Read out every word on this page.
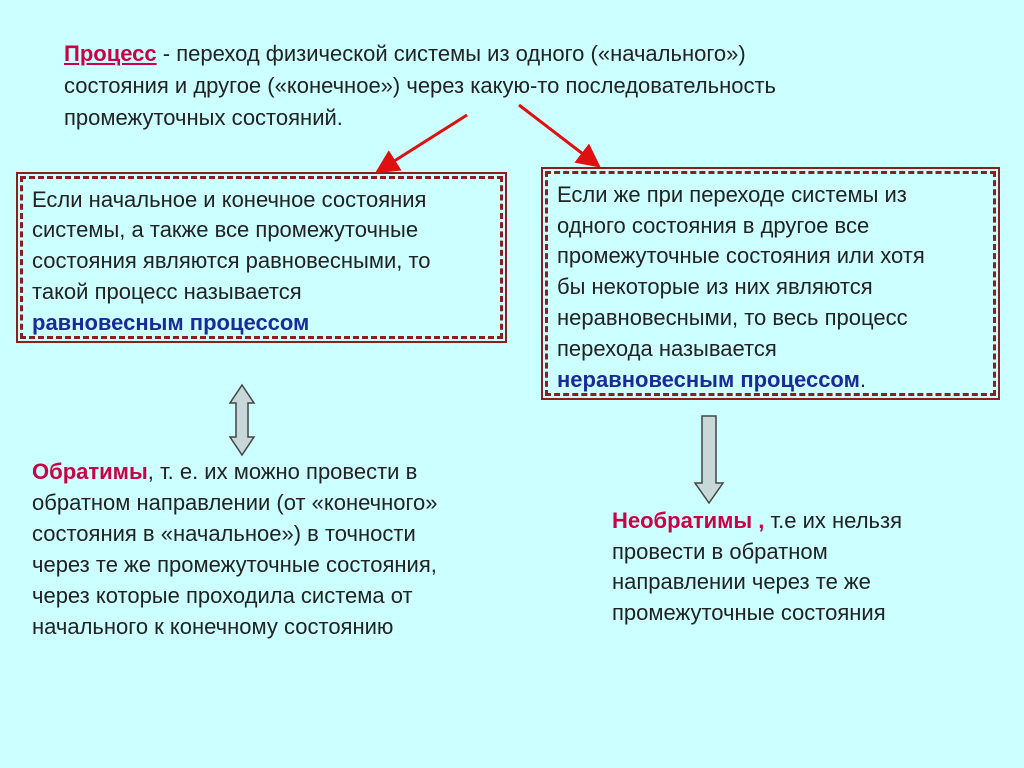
Процесс - переход физической системы из одного («начального»)
состояния и другое («конечное») через какую-то последовательность
промежуточных состояний.
Если начальное и конечное состояния
системы, а также все промежуточные
состояния являются равновесными, то
такой процесс называется
равновесным процессом
Если же при переходе системы из
одного состояния в другое все
промежуточные состояния или хотя
бы некоторые из них являются
неравновесными, то весь процесс
перехода называется
неравновесным процессом.
Обратимы, т. е. их можно провести в
обратном направлении (от «конечного»
состояния в «начальное») в точности
через те же промежуточные состояния,
через которые проходила система от
начального к конечному состоянию
Необратимы , т.е их нельзя
провести в обратном
направлении через те же
промежуточные состояния
